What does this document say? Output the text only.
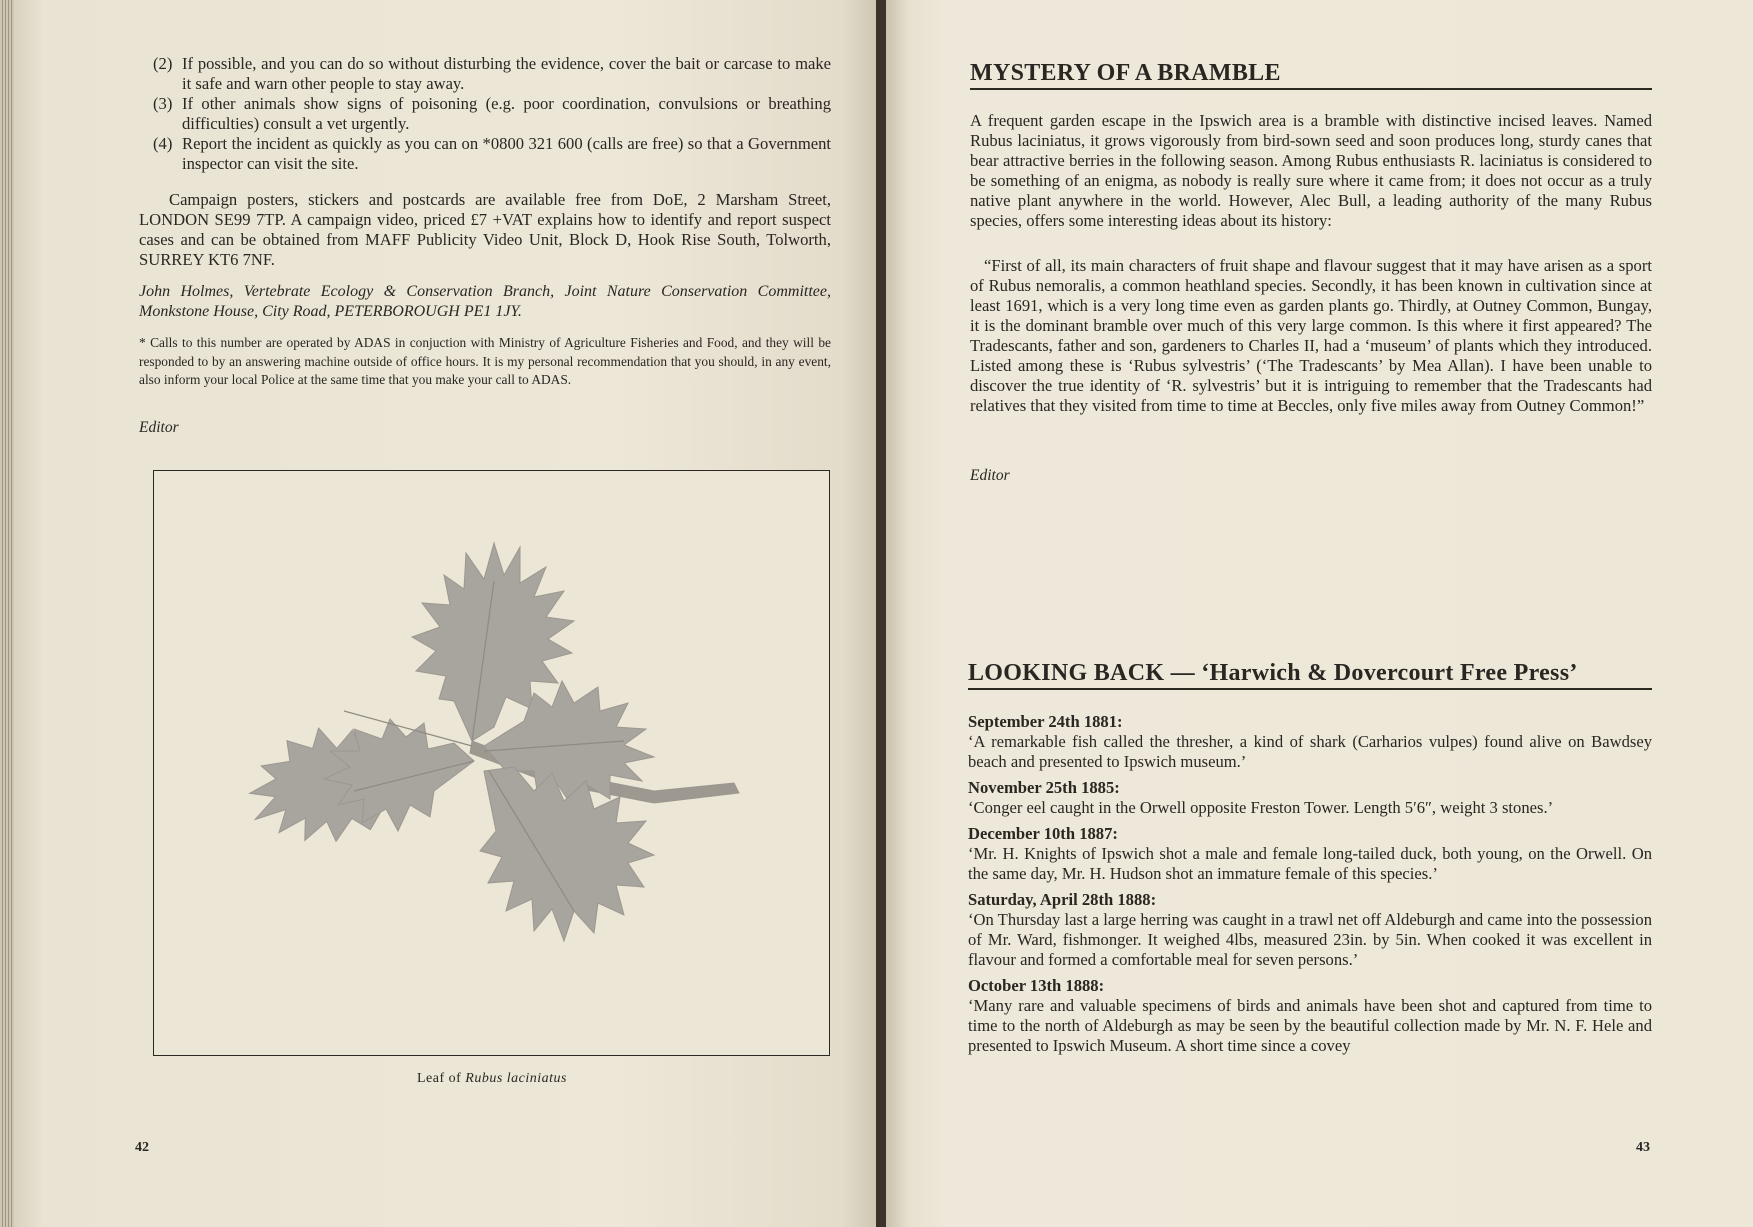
(2) If possible, and you can do so without disturbing the evidence, cover the bait or carcase to make it safe and warn other people to stay away.
(3) If other animals show signs of poisoning (e.g. poor coordination, convulsions or breathing difficulties) consult a vet urgently.
(4) Report the incident as quickly as you can on *0800 321 600 (calls are free) so that a Government inspector can visit the site.
Campaign posters, stickers and postcards are available free from DoE, 2 Marsham Street, LONDON SE99 7TP. A campaign video, priced £7 +VAT explains how to identify and report suspect cases and can be obtained from MAFF Publicity Video Unit, Block D, Hook Rise South, Tolworth, SURREY KT6 7NF.
John Holmes, Vertebrate Ecology & Conservation Branch, Joint Nature Conservation Committee, Monkstone House, City Road, PETERBOROUGH PE1 1JY.
* Calls to this number are operated by ADAS in conjuction with Ministry of Agriculture Fisheries and Food, and they will be responded to by an answering machine outside of office hours. It is my personal recommendation that you should, in any event, also inform your local Police at the same time that you make your call to ADAS.
Editor
Leaf of Rubus laciniatus
42
MYSTERY OF A BRAMBLE
A frequent garden escape in the Ipswich area is a bramble with distinctive incised leaves. Named Rubus laciniatus, it grows vigorously from bird-sown seed and soon produces long, sturdy canes that bear attractive berries in the following season. Among Rubus enthusiasts R. laciniatus is considered to be something of an enigma, as nobody is really sure where it came from; it does not occur as a truly native plant anywhere in the world. However, Alec Bull, a leading authority of the many Rubus species, offers some interesting ideas about its history:
“First of all, its main characters of fruit shape and flavour suggest that it may have arisen as a sport of Rubus nemoralis, a common heathland species. Secondly, it has been known in cultivation since at least 1691, which is a very long time even as garden plants go. Thirdly, at Outney Common, Bungay, it is the dominant bramble over much of this very large common. Is this where it first appeared? The Tradescants, father and son, gardeners to Charles II, had a ‘museum’ of plants which they introduced. Listed among these is ‘Rubus sylvestris’ (‘The Tradescants’ by Mea Allan). I have been unable to discover the true identity of ‘R. sylvestris’ but it is intriguing to remember that the Tradescants had relatives that they visited from time to time at Beccles, only five miles away from Outney Common!”
Editor
LOOKING BACK — ‘Harwich & Dovercourt Free Press’

September 24th 1881:

‘A remarkable fish called the thresher, a kind of shark (Carharios vulpes) found alive on Bawdsey beach and presented to Ipswich museum.’

November 25th 1885:

‘Conger eel caught in the Orwell opposite Freston Tower. Length 5′6″, weight 3 stones.’

December 10th 1887:

‘Mr. H. Knights of Ipswich shot a male and female long-tailed duck, both young, on the Orwell. On the same day, Mr. H. Hudson shot an immature female of this species.’

Saturday, April 28th 1888:

‘On Thursday last a large herring was caught in a trawl net off Aldeburgh and came into the possession of Mr. Ward, fishmonger. It weighed 4lbs, measured 23in. by 5in. When cooked it was excellent in flavour and formed a comfortable meal for seven persons.’

October 13th 1888:

‘Many rare and valuable specimens of birds and animals have been shot and captured from time to time to the north of Aldeburgh as may be seen by the beautiful collection made by Mr. N. F. Hele and presented to Ipswich Museum. A short time since a covey

43
